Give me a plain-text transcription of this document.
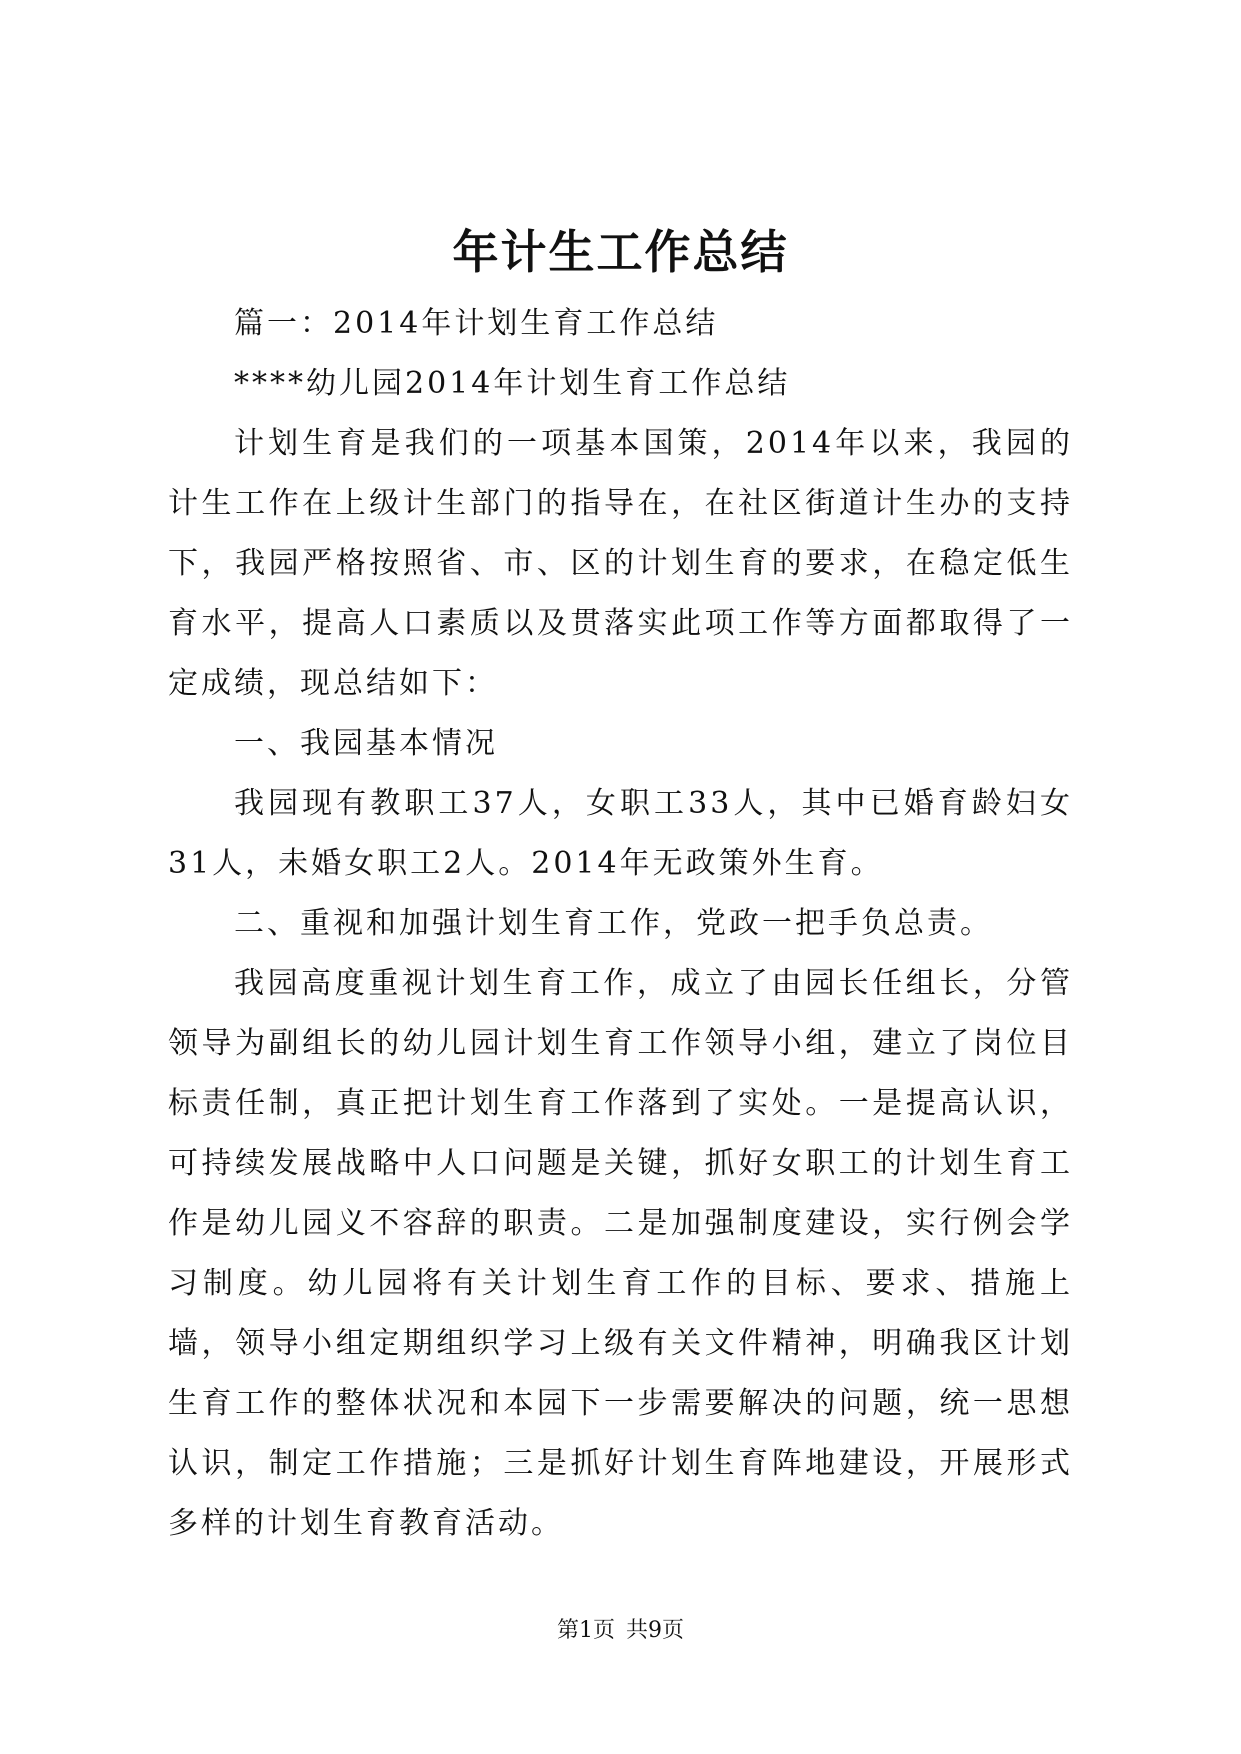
年计生工作总结

篇一：2014年计划生育工作总结

****幼儿园2014年计划生育工作总结

计划生育是我们的一项基本国策，2014年以来，我园的计生工作在上级计生部门的指导在，在社区街道计生办的支持下，我园严格按照省、市、区的计划生育的要求，在稳定低生育水平，提高人口素质以及贯落实此项工作等方面都取得了一定成绩，现总结如下：

一、我园基本情况

我园现有教职工37人，女职工33人，其中已婚育龄妇女31人，未婚女职工2人。2014年无政策外生育。

二、重视和加强计划生育工作，党政一把手负总责。

我园高度重视计划生育工作，成立了由园长任组长，分管领导为副组长的幼儿园计划生育工作领导小组，建立了岗位目标责任制，真正把计划生育工作落到了实处。一是提高认识，可持续发展战略中人口问题是关键，抓好女职工的计划生育工作是幼儿园义不容辞的职责。二是加强制度建设，实行例会学习制度。幼儿园将有关计划生育工作的目标、要求、措施上墙，领导小组定期组织学习上级有关文件精神，明确我区计划生育工作的整体状况和本园下一步需要解决的问题，统一思想认识，制定工作措施；三是抓好计划生育阵地建设，开展形式多样的计划生育教育活动。

第1页 共9页
